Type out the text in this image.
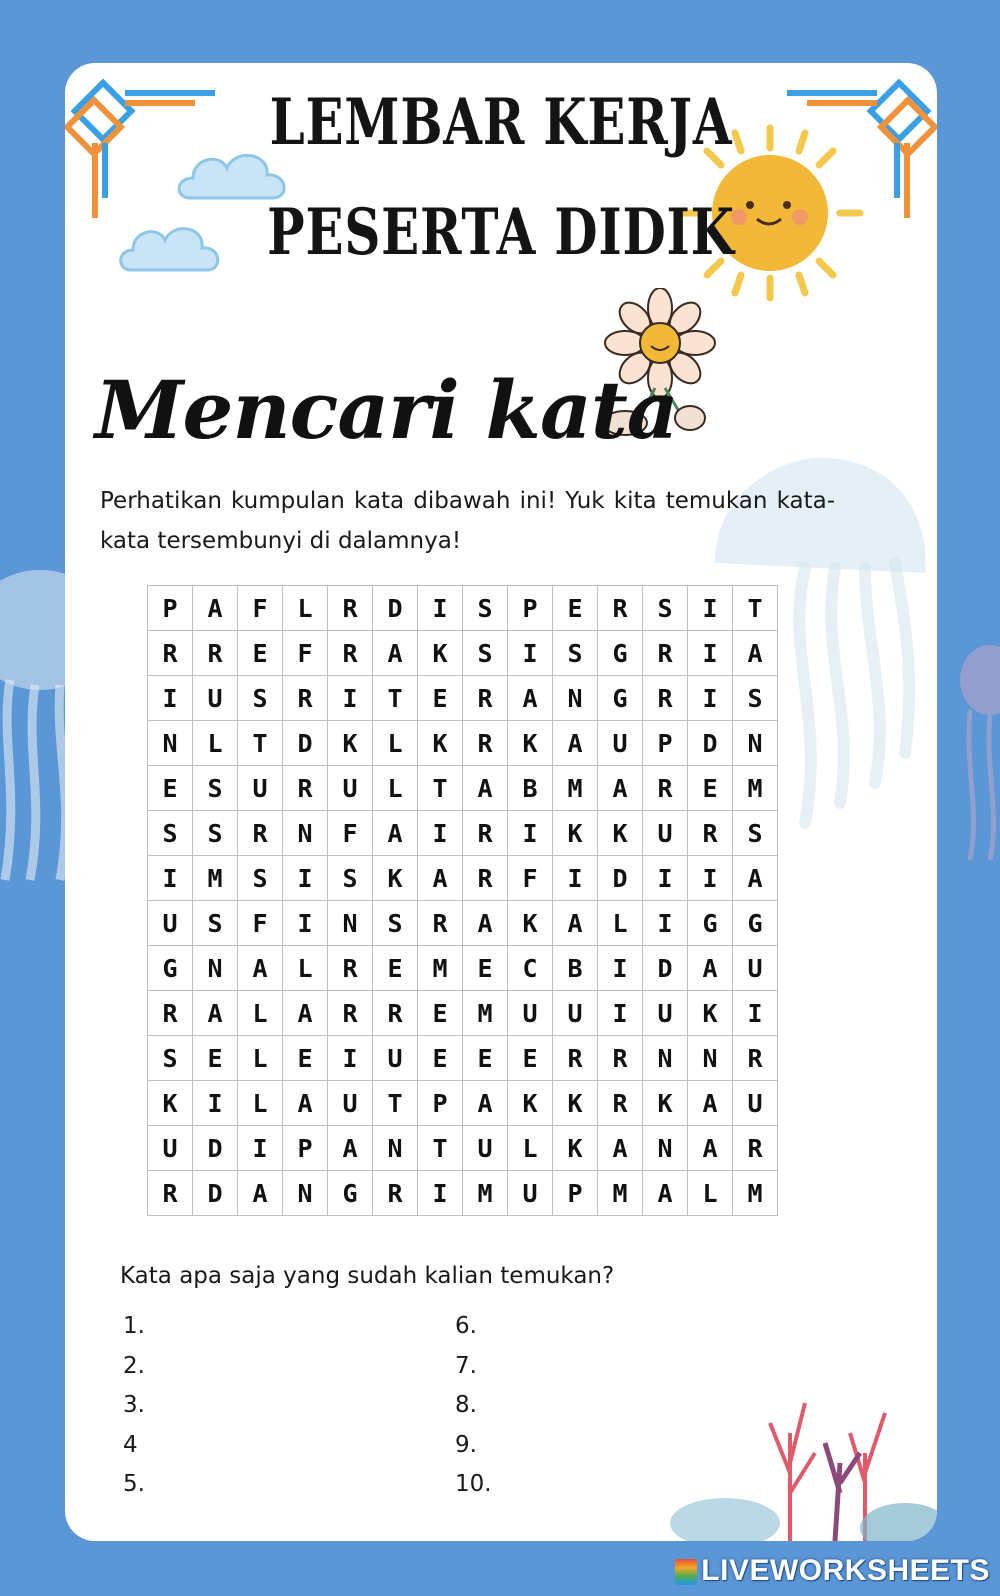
LEMBAR KERJA
PESERTA DIDIK
Mencari kata
Perhatikan kumpulan kata dibawah ini! Yuk kita temukan kata-kata tersembunyi di dalamnya!
P	A	F	L	R	D	I	S	P	E	R	S	I	T
R	R	E	F	R	A	K	S	I	S	G	R	I	A
I	U	S	R	I	T	E	R	A	N	G	R	I	S
N	L	T	D	K	L	K	R	K	A	U	P	D	N
E	S	U	R	U	L	T	A	B	M	A	R	E	M
S	S	R	N	F	A	I	R	I	K	K	U	R	S
I	M	S	I	S	K	A	R	F	I	D	I	I	A
U	S	F	I	N	S	R	A	K	A	L	I	G	G
G	N	A	L	R	E	M	E	C	B	I	D	A	U
R	A	L	A	R	R	E	M	U	U	I	U	K	I
S	E	L	E	I	U	E	E	E	R	R	N	N	R
K	I	L	A	U	T	P	A	K	K	R	K	A	U
U	D	I	P	A	N	T	U	L	K	A	N	A	R
R	D	A	N	G	R	I	M	U	P	M	A	L	M
Kata apa saja yang sudah kalian temukan?
1.
2.
3.
4
5.
6.
7.
8.
9.
10.
LIVEWORKSHEETS
